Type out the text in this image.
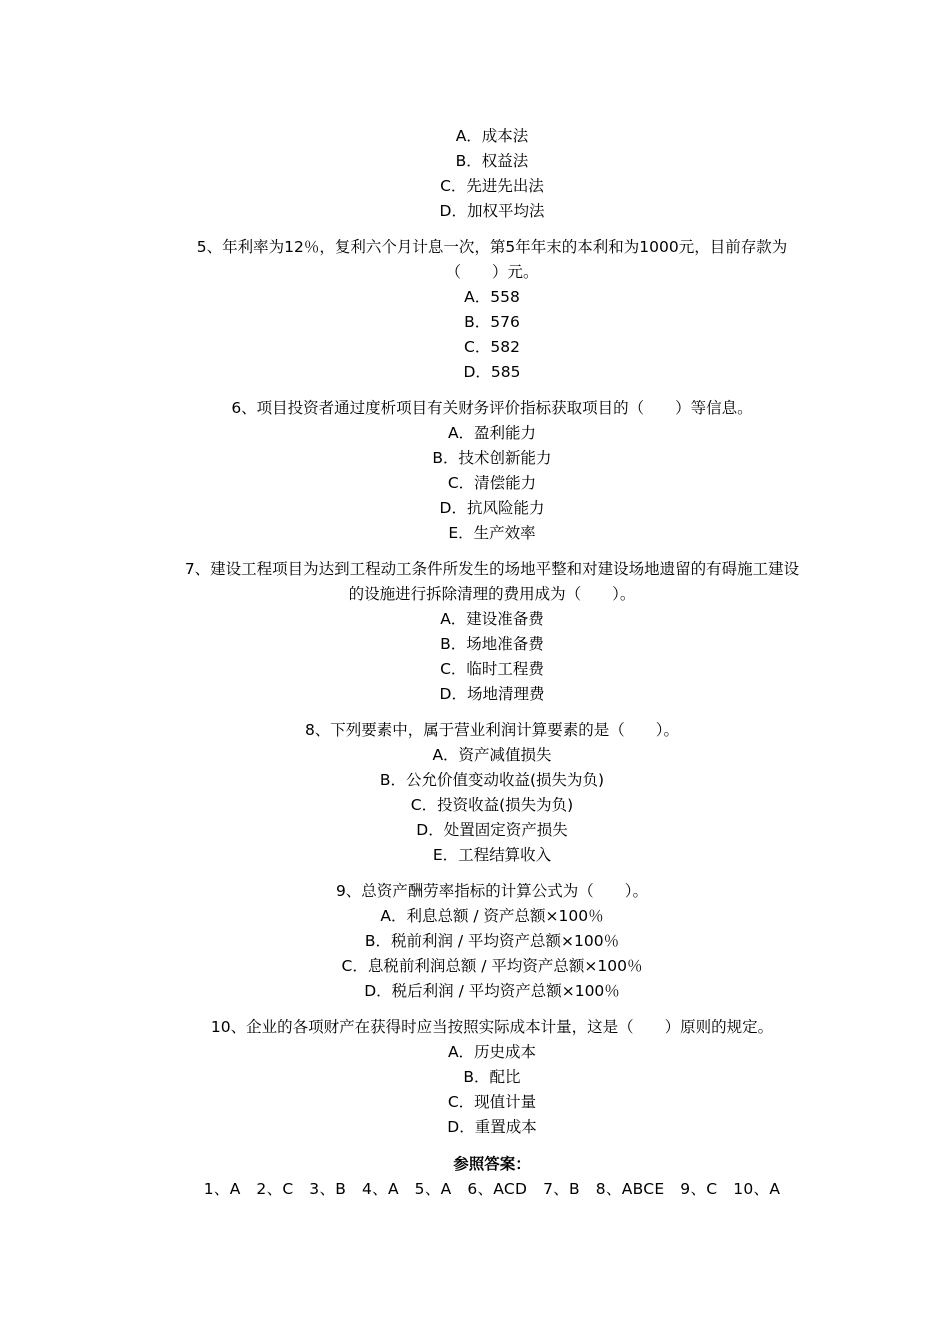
A．成本法
B．权益法
C．先进先出法
D．加权平均法
5、年利率为12％，复利六个月计息一次，第5年年末的本利和为1000元，目前存款为（　　）元。
A．558
B．576
C．582
D．585
6、项目投资者通过度析项目有关财务评价指标获取项目的（　　）等信息。
A．盈利能力
B．技术创新能力
C．清偿能力
D．抗风险能力
E．生产效率
7、建设工程项目为达到工程动工条件所发生的场地平整和对建设场地遗留的有碍施工建设的设施进行拆除清理的费用成为（　　）。
A．建设准备费
B．场地准备费
C．临时工程费
D．场地清理费
8、下列要素中，属于营业利润计算要素的是（　　）。
A．资产减值损失
B．公允价值变动收益(损失为负)
C．投资收益(损失为负)
D．处置固定资产损失
E．工程结算收入
9、总资产酬劳率指标的计算公式为（　　）。
A．利息总额 / 资产总额×100％
B．税前利润 / 平均资产总额×100％
C．息税前利润总额 / 平均资产总额×100％
D．税后利润 / 平均资产总额×100％
10、企业的各项财产在获得时应当按照实际成本计量，这是（　　）原则的规定。
A．历史成本
B．配比
C．现值计量
D．重置成本
参照答案：
1、A　2、C　3、B　4、A　5、A　6、ACD　7、B　8、ABCE　9、C　10、A
